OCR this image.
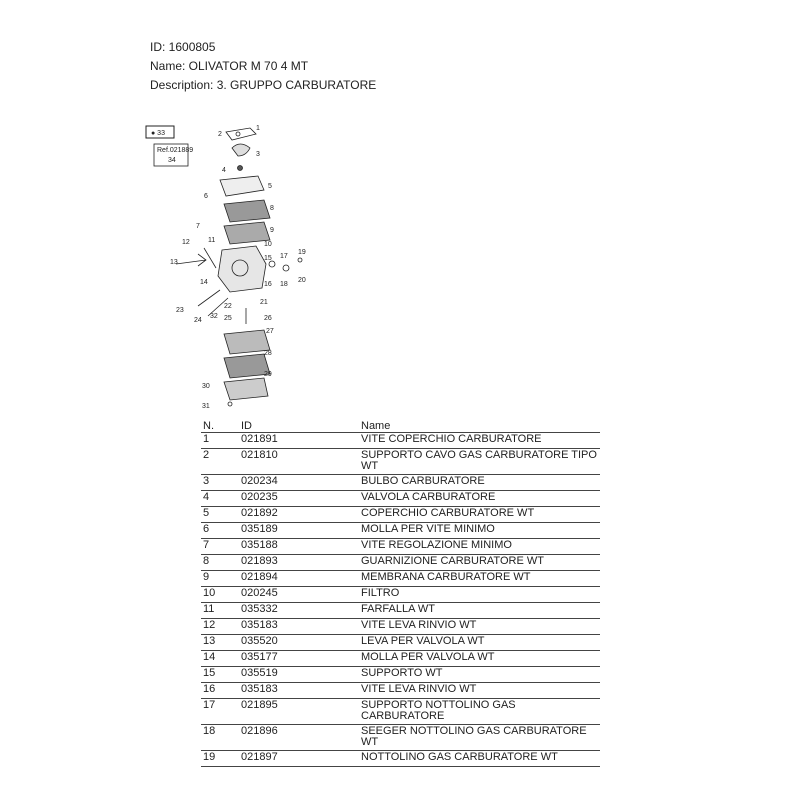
ID: 1600805
Name: OLIVATOR M 70 4 MT
Description: 3. GRUPPO CARBURATORE
● 33
Ref.021889
34
1
2
3
4
5
6
7
8
9
10
11
12
13
14
15
16
17
18
19
20
21
22
23
24	25	26
27
28
29
30
31
32
N.	ID	Name
1	021891	VITE COPERCHIO CARBURATORE
2	021810	SUPPORTO CAVO GAS CARBURATORE TIPO WT
3	020234	BULBO CARBURATORE
4	020235	VALVOLA CARBURATORE
5	021892	COPERCHIO CARBURATORE WT
6	035189	MOLLA PER VITE MINIMO
7	035188	VITE REGOLAZIONE MINIMO
8	021893	GUARNIZIONE CARBURATORE WT
9	021894	MEMBRANA CARBURATORE WT
10	020245	FILTRO
11	035332	FARFALLA WT
12	035183	VITE LEVA RINVIO WT
13	035520	LEVA PER VALVOLA WT
14	035177	MOLLA PER VALVOLA WT
15	035519	SUPPORTO WT
16	035183	VITE LEVA RINVIO WT
17	021895	SUPPORTO NOTTOLINO GAS CARBURATORE
18	021896	SEEGER NOTTOLINO GAS CARBURATORE WT
19	021897	NOTTOLINO GAS CARBURATORE WT
